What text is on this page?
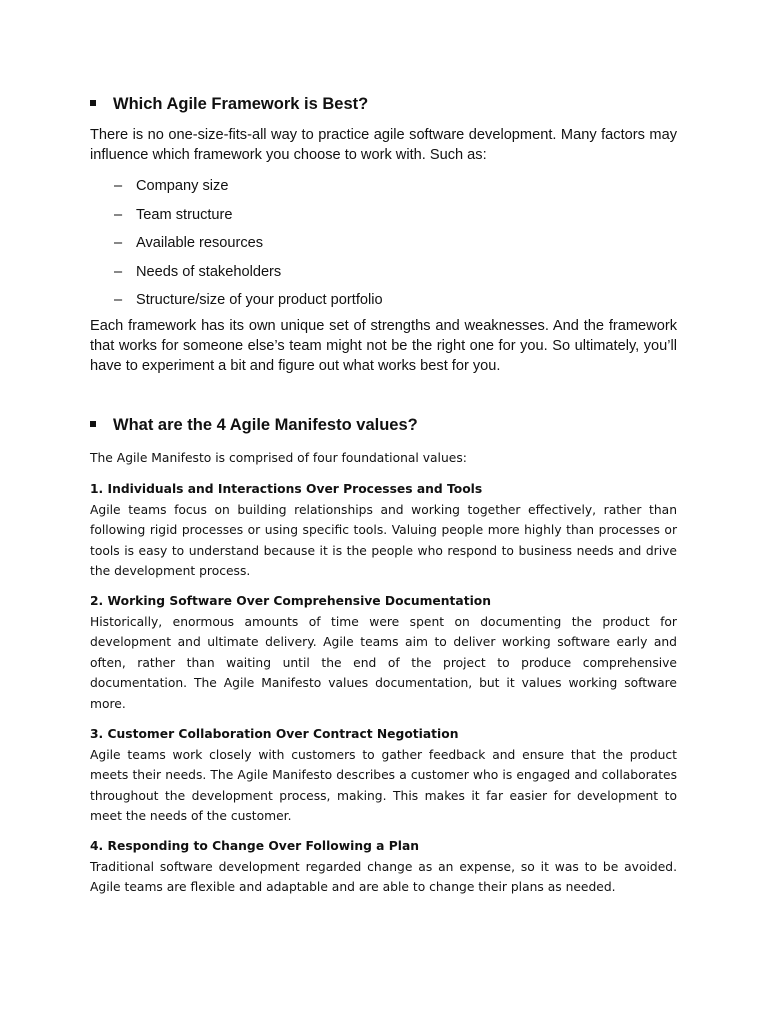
Which Agile Framework is Best?

There is no one-size-fits-all way to practice agile software development. Many factors may influence which framework you choose to work with. Such as:

– Company size
– Team structure
– Available resources
– Needs of stakeholders
– Structure/size of your product portfolio

Each framework has its own unique set of strengths and weaknesses. And the framework that works for someone else’s team might not be the right one for you. So ultimately, you’ll have to experiment a bit and figure out what works best for you.

What are the 4 Agile Manifesto values?

The Agile Manifesto is comprised of four foundational values:

1. Individuals and Interactions Over Processes and Tools
Agile teams focus on building relationships and working together effectively, rather than following rigid processes or using specific tools. Valuing people more highly than processes or tools is easy to understand because it is the people who respond to business needs and drive the development process.
2. Working Software Over Comprehensive Documentation
Historically, enormous amounts of time were spent on documenting the product for development and ultimate delivery. Agile teams aim to deliver working software early and often, rather than waiting until the end of the project to produce comprehensive documentation. The Agile Manifesto values documentation, but it values working software more.
3. Customer Collaboration Over Contract Negotiation
Agile teams work closely with customers to gather feedback and ensure that the product meets their needs. The Agile Manifesto describes a customer who is engaged and collaborates throughout the development process, making. This makes it far easier for development to meet the needs of the customer.
4. Responding to Change Over Following a Plan
Traditional software development regarded change as an expense, so it was to be avoided. Agile teams are flexible and adaptable and are able to change their plans as needed.
